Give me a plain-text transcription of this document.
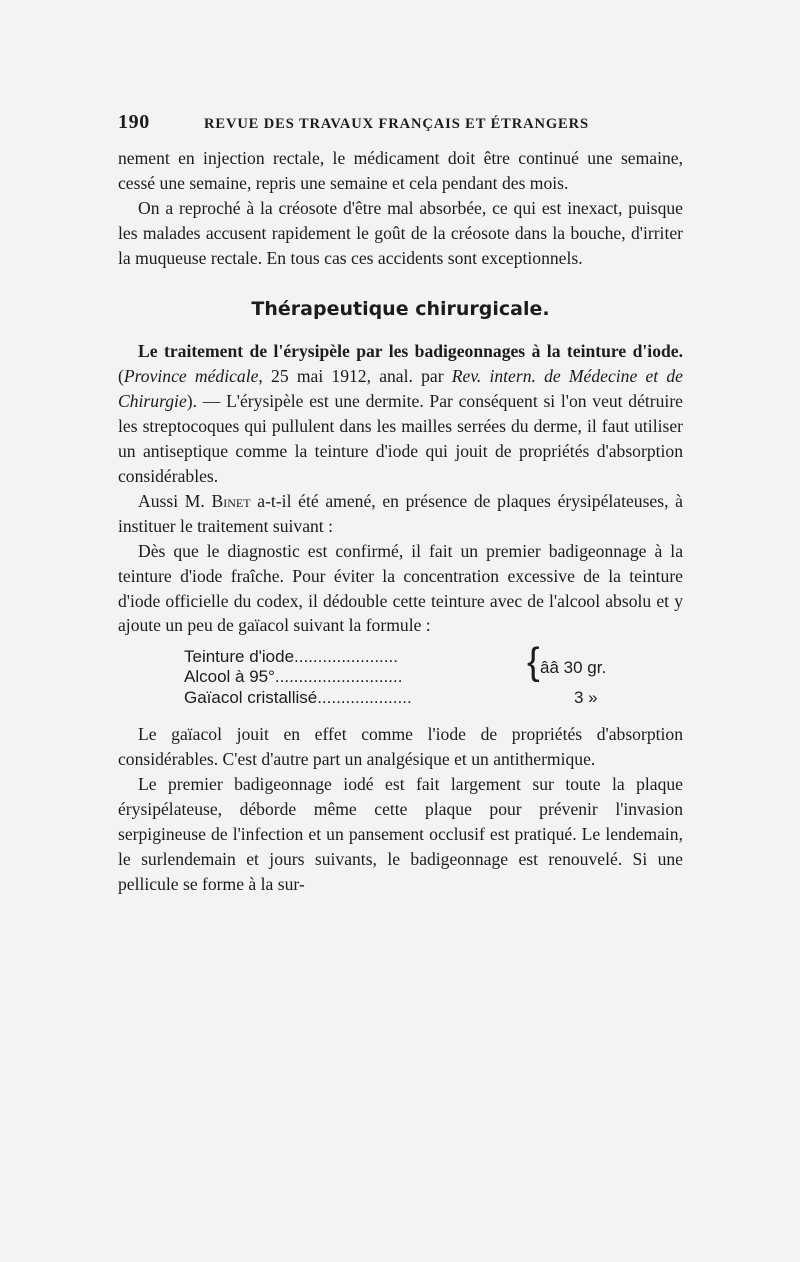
190	REVUE DES TRAVAUX FRANÇAIS ET ÉTRANGERS

nement en injection rectale, le médicament doit être continué une semaine, cessé une semaine, repris une semaine et cela pendant des mois.

On a reproché à la créosote d'être mal absorbée, ce qui est inexact, puisque les malades accusent rapidement le goût de la créosote dans la bouche, d'irriter la muqueuse rectale. En tous cas ces accidents sont exceptionnels.

Thérapeutique chirurgicale.

Le traitement de l'érysipèle par les badigeonnages à la teinture d'iode. (Province médicale, 25 mai 1912, anal. par Rev. intern. de Médecine et de Chirurgie). — L'érysipèle est une dermite. Par conséquent si l'on veut détruire les streptocoques qui pullulent dans les mailles serrées du derme, il faut utiliser un antiseptique comme la teinture d'iode qui jouit de propriétés d'absorption considérables.

Aussi M. Binet a-t-il été amené, en présence de plaques érysipélateuses, à instituer le traitement suivant :

Dès que le diagnostic est confirmé, il fait un premier badigeonnage à la teinture d'iode fraîche. Pour éviter la concentration excessive de la teinture d'iode officielle du codex, il dédouble cette teinture avec de l'alcool absolu et y ajoute un peu de gaïacol suivant la formule :

Teinture d'iode......................
Alcool à 95°...........................
Gaïacol cristallisé....................
{ ââ 30 gr.
3 »

Le gaïacol jouit en effet comme l'iode de propriétés d'absorption considérables. C'est d'autre part un analgésique et un antithermique.

Le premier badigeonnage iodé est fait largement sur toute la plaque érysipélateuse, déborde même cette plaque pour prévenir l'invasion serpigineuse de l'infection et un pansement occlusif est pratiqué. Le lendemain, le surlendemain et jours suivants, le badigeonnage est renouvelé. Si une pellicule se forme à la sur-
